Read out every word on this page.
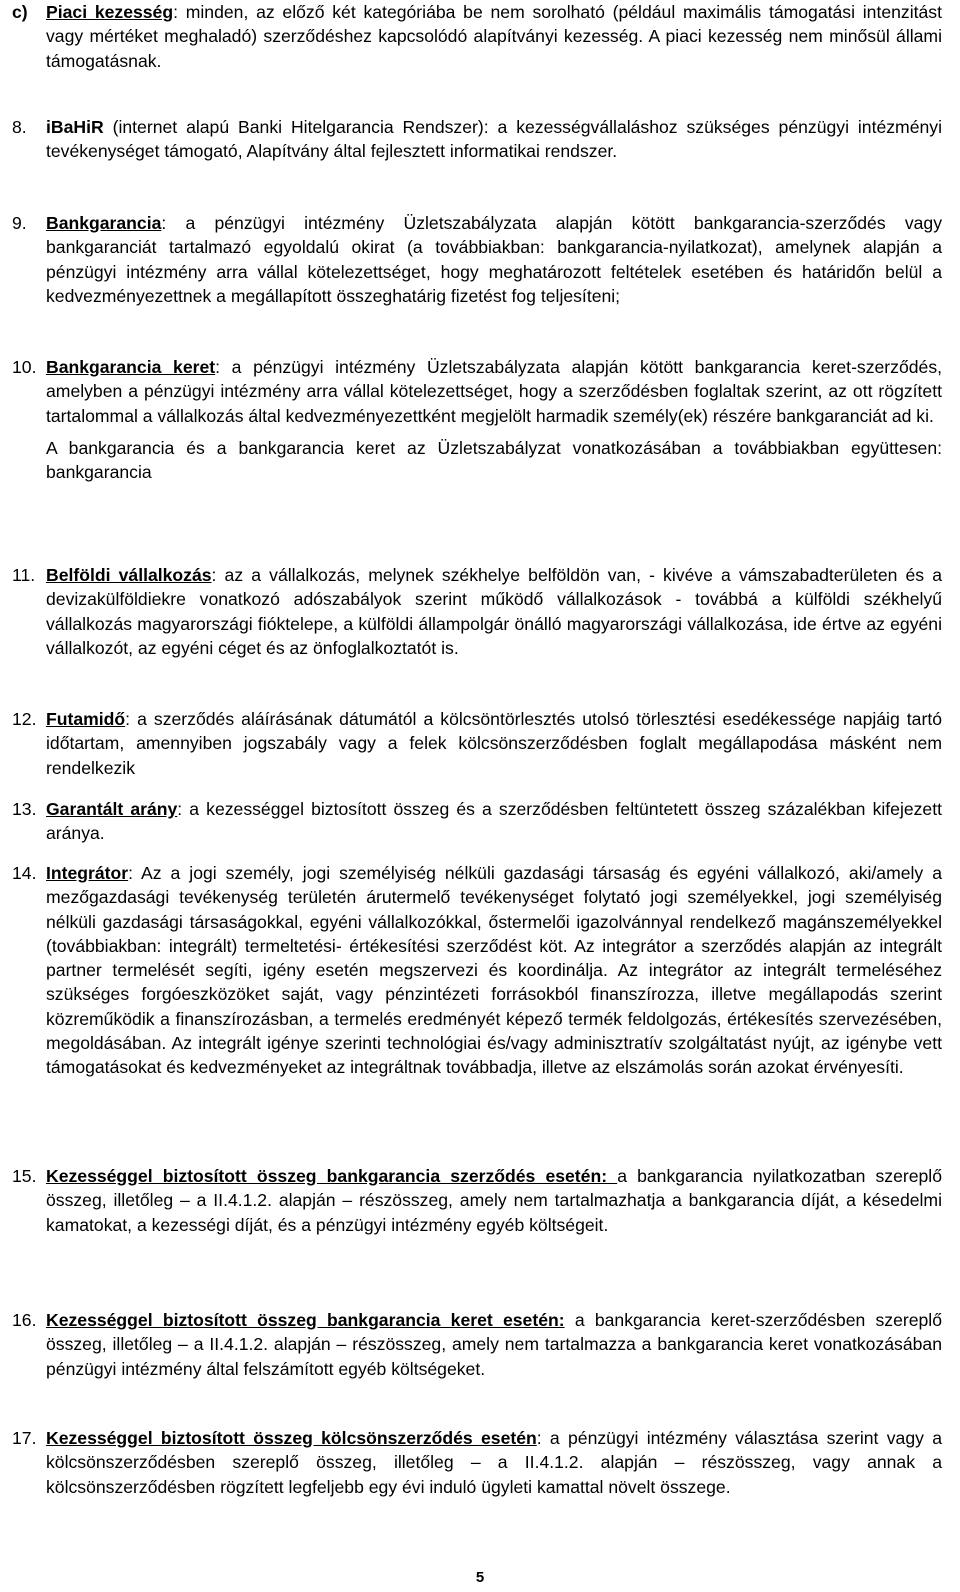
c) Piaci kezesség: minden, az előző két kategóriába be nem sorolható (például maximális támogatási intenzitást vagy mértéket meghaladó) szerződéshez kapcsolódó alapítványi kezesség. A piaci kezesség nem minősül állami támogatásnak.
8. iBaHiR (internet alapú Banki Hitelgarancia Rendszer): a kezességvállaláshoz szükséges pénzügyi intézményi tevékenységet támogató, Alapítvány által fejlesztett informatikai rendszer.
9. Bankgarancia: a pénzügyi intézmény Üzletszabályzata alapján kötött bankgarancia-szerződés vagy bankgaranciát tartalmazó egyoldalú okirat (a továbbiakban: bankgarancia-nyilatkozat), amelynek alapján a pénzügyi intézmény arra vállal kötelezettséget, hogy meghatározott feltételek esetében és határidőn belül a kedvezményezettnek a megállapított összeghatárig fizetést fog teljesíteni;
10. Bankgarancia keret: a pénzügyi intézmény Üzletszabályzata alapján kötött bankgarancia keret-szerződés, amelyben a pénzügyi intézmény arra vállal kötelezettséget, hogy a szerződésben foglaltak szerint, az ott rögzített tartalommal a vállalkozás által kedvezményezettként megjelölt harmadik személy(ek) részére bankgaranciát ad ki.

A bankgarancia és a bankgarancia keret az Üzletszabályzat vonatkozásában a továbbiakban együttesen: bankgarancia

11. Belföldi vállalkozás: az a vállalkozás, melynek székhelye belföldön van, - kivéve a vámszabadterületen és a devizakülföldiekre vonatkozó adószabályok szerint működő vállalkozások - továbbá a külföldi székhelyű vállalkozás magyarországi fióktelepe, a külföldi állampolgár önálló magyarországi vállalkozása, ide értve az egyéni vállalkozót, az egyéni céget és az önfoglalkoztatót is.
12. Futamidő: a szerződés aláírásának dátumától a kölcsöntörlesztés utolsó törlesztési esedékessége napjáig tartó időtartam, amennyiben jogszabály vagy a felek kölcsönszerződésben foglalt megállapodása másként nem rendelkezik
13. Garantált arány: a kezességgel biztosított összeg és a szerződésben feltüntetett összeg százalékban kifejezett aránya.
14. Integrátor: Az a jogi személy, jogi személyiség nélküli gazdasági társaság és egyéni vállalkozó, aki/amely a mezőgazdasági tevékenység területén árutermelő tevékenységet folytató jogi személyekkel, jogi személyiség nélküli gazdasági társaságokkal, egyéni vállalkozókkal, őstermelői igazolvánnyal rendelkező magánszemélyekkel (továbbiakban: integrált) termeltetési- értékesítési szerződést köt. Az integrátor a szerződés alapján az integrált partner termelését segíti, igény esetén megszervezi és koordinálja. Az integrátor az integrált termeléséhez szükséges forgóeszközöket saját, vagy pénzintézeti forrásokból finanszírozza, illetve megállapodás szerint közreműködik a finanszírozásban, a termelés eredményét képező termék feldolgozás, értékesítés szervezésében, megoldásában. Az integrált igénye szerinti technológiai és/vagy adminisztratív szolgáltatást nyújt, az igénybe vett támogatásokat és kedvezményeket az integráltnak továbbadja, illetve az elszámolás során azokat érvényesíti.
15. Kezességgel biztosított összeg bankgarancia szerződés esetén: a bankgarancia nyilatkozatban szereplő összeg, illetőleg – a II.4.1.2. alapján – részösszeg, amely nem tartalmazhatja a bankgarancia díját, a késedelmi kamatokat, a kezességi díját, és a pénzügyi intézmény egyéb költségeit.
16. Kezességgel biztosított összeg bankgarancia keret esetén: a bankgarancia keret-szerződésben szereplő összeg, illetőleg – a II.4.1.2. alapján – részösszeg, amely nem tartalmazza a bankgarancia keret vonatkozásában pénzügyi intézmény által felszámított egyéb költségeket.
17. Kezességgel biztosított összeg kölcsönszerződés esetén: a pénzügyi intézmény választása szerint vagy a kölcsönszerződésben szereplő összeg, illetőleg – a II.4.1.2. alapján – részösszeg, vagy annak a kölcsönszerződésben rögzített legfeljebb egy évi induló ügyleti kamattal növelt összege.
5
